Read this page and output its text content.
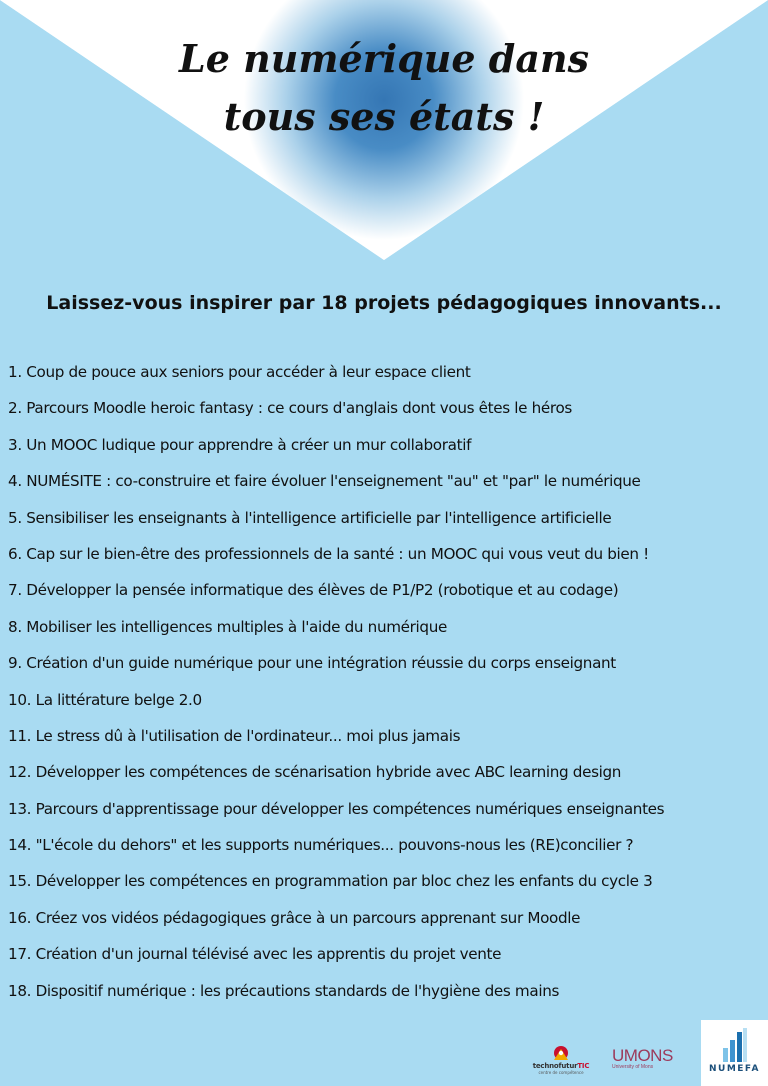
Le numérique dans
tous ses états !
Laissez-vous inspirer par 18 projets pédagogiques innovants...
1. Coup de pouce aux seniors pour accéder à leur espace client
2. Parcours Moodle heroic fantasy : ce cours d'anglais dont vous êtes le héros
3. Un MOOC ludique pour apprendre à créer un mur collaboratif
4. NUMÉSITE : co-construire et faire évoluer l'enseignement "au" et "par" le numérique
5. Sensibiliser les enseignants à l'intelligence artificielle par l'intelligence artificielle
6. Cap sur le bien-être des professionnels de la santé : un MOOC qui vous veut du bien !
7. Développer la pensée informatique des élèves de P1/P2 (robotique et au codage)
8. Mobiliser les intelligences multiples à l'aide du numérique
9. Création d'un guide numérique pour une intégration réussie du corps enseignant
10. La littérature belge 2.0
11. Le stress dû à l'utilisation de l'ordinateur... moi plus jamais
12. Développer les compétences de scénarisation hybride avec ABC learning design
13. Parcours d'apprentissage pour développer les compétences numériques enseignantes
14. "L'école du dehors" et les supports numériques... pouvons-nous les (RE)concilier ?
15. Développer les compétences en programmation par bloc chez les enfants du cycle 3
16. Créez vos vidéos pédagogiques grâce à un parcours apprenant sur Moodle
17. Création d'un journal télévisé avec les apprentis du projet vente
18. Dispositif numérique : les précautions standards de l'hygiène des mains
technofuturTIC
centre de compétence
UMONS
University of Mons	NUMEFA
